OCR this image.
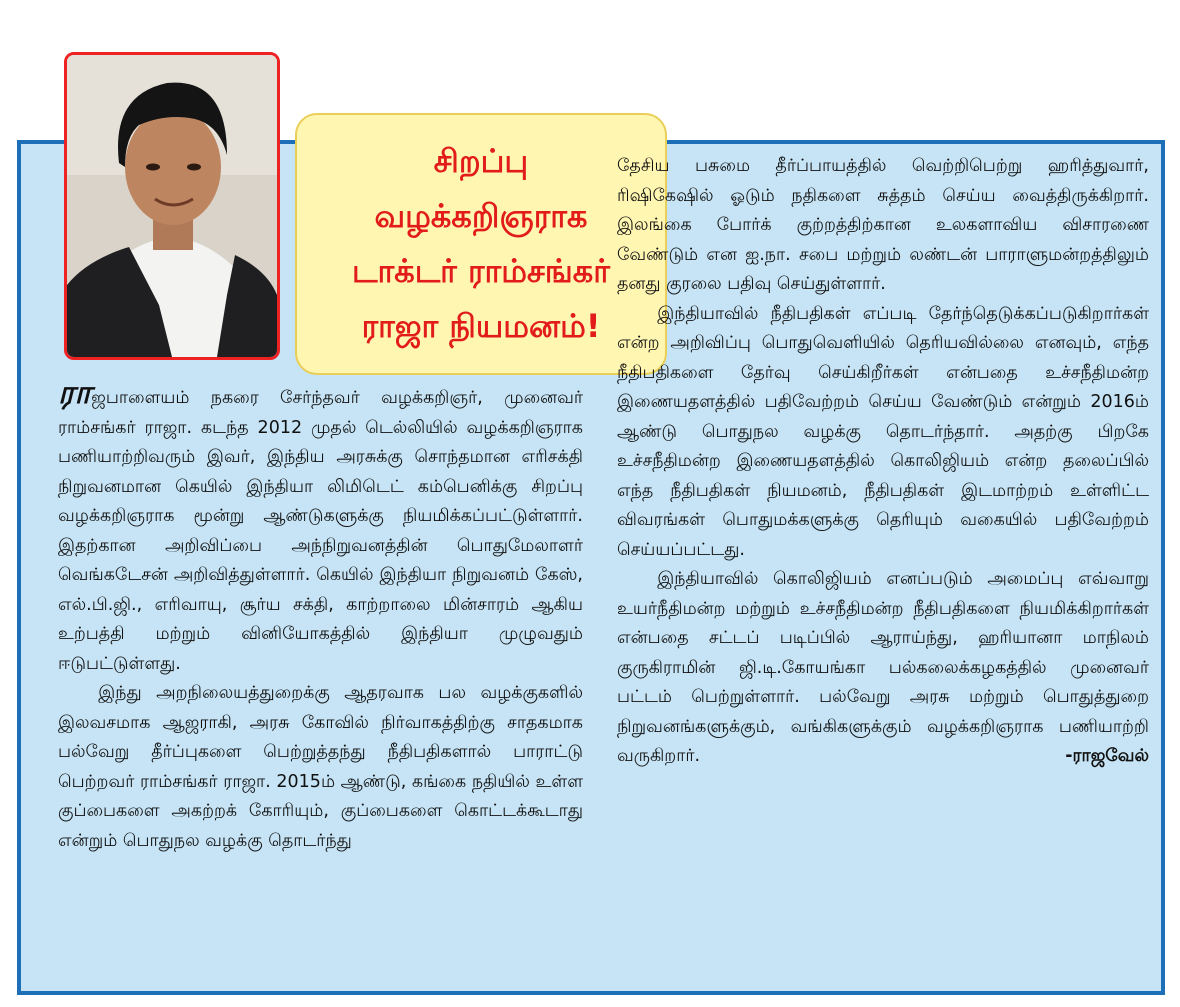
சிறப்பு
வழக்கறிஞராக
டாக்டர் ராம்சங்கர்
ராஜா நியமனம்!

ராஜபாளையம் நகரை சேர்ந்தவர் வழக்கறிஞர், முனைவர் ராம்சங்கர் ராஜா. கடந்த 2012 முதல் டெல்லியில் வழக்கறிஞராக பணியாற்றிவரும் இவர், இந்திய அரசுக்கு சொந்தமான எரிசக்தி நிறுவனமான கெயில் இந்தியா லிமிடெட் கம்பெனிக்கு சிறப்பு வழக்கறிஞராக மூன்று ஆண்டுகளுக்கு நியமிக்கப்பட்டுள்ளார். இதற்கான அறிவிப்பை அந்நிறுவனத்தின் பொதுமேலாளர் வெங்கடேசன் அறிவித்துள்ளார். கெயில் இந்தியா நிறுவனம் கேஸ், எல்.பி.ஜி., எரிவாயு, சூர்ய சக்தி, காற்றாலை மின்சாரம் ஆகிய உற்பத்தி மற்றும் வினியோகத்தில் இந்தியா முழுவதும் ஈடுபட்டுள்ளது.

இந்து அறநிலையத்துறைக்கு ஆதரவாக பல வழக்குகளில் இலவசமாக ஆஜராகி, அரசு கோவில் நிர்வாகத்திற்கு சாதகமாக பல்வேறு தீர்ப்புகளை பெற்றுத்தந்து நீதிபதிகளால் பாராட்டு பெற்றவர் ராம்சங்கர் ராஜா. 2015ம் ஆண்டு, கங்கை நதியில் உள்ள குப்பைகளை அகற்றக் கோரியும், குப்பைகளை கொட்டக்கூடாது என்றும் பொதுநல வழக்கு தொடர்ந்து

தேசிய பசுமை தீர்ப்பாயத்தில் வெற்றிபெற்று ஹரித்துவார், ரிஷிகேஷில் ஓடும் நதிகளை சுத்தம் செய்ய வைத்திருக்கிறார். இலங்கை போர்க் குற்றத்திற்கான உலகளாவிய விசாரணை வேண்டும் என ஐ.நா. சபை மற்றும் லண்டன் பாராளுமன்றத்திலும் தனது குரலை பதிவு செய்துள்ளார்.

இந்தியாவில் நீதிபதிகள் எப்படி தேர்ந்தெடுக்கப்படுகிறார்கள் என்ற அறிவிப்பு பொதுவெளியில் தெரியவில்லை எனவும், எந்த நீதிபதிகளை தேர்வு செய்கிறீர்கள் என்பதை உச்சநீதிமன்ற இணையதளத்தில் பதிவேற்றம் செய்ய வேண்டும் என்றும் 2016ம் ஆண்டு பொதுநல வழக்கு தொடர்ந்தார். அதற்கு பிறகே உச்சநீதிமன்ற இணையதளத்தில் கொலிஜியம் என்ற தலைப்பில் எந்த நீதிபதிகள் நியமனம், நீதிபதிகள் இடமாற்றம் உள்ளிட்ட விவரங்கள் பொதுமக்களுக்கு தெரியும் வகையில் பதிவேற்றம் செய்யப்பட்டது.

இந்தியாவில் கொலிஜியம் எனப்படும் அமைப்பு எவ்வாறு உயர்நீதிமன்ற மற்றும் உச்சநீதிமன்ற நீதிபதிகளை நியமிக்கிறார்கள் என்பதை சட்டப் படிப்பில் ஆராய்ந்து, ஹரியானா மாநிலம் குருகிராமின் ஜி.டி.கோயங்கா பல்கலைக்கழகத்தில் முனைவர் பட்டம் பெற்றுள்ளார். பல்வேறு அரசு மற்றும் பொதுத்துறை நிறுவனங்களுக்கும், வங்கிகளுக்கும் வழக்கறிஞராக பணியாற்றி வருகிறார்.	-ராஜவேல்
